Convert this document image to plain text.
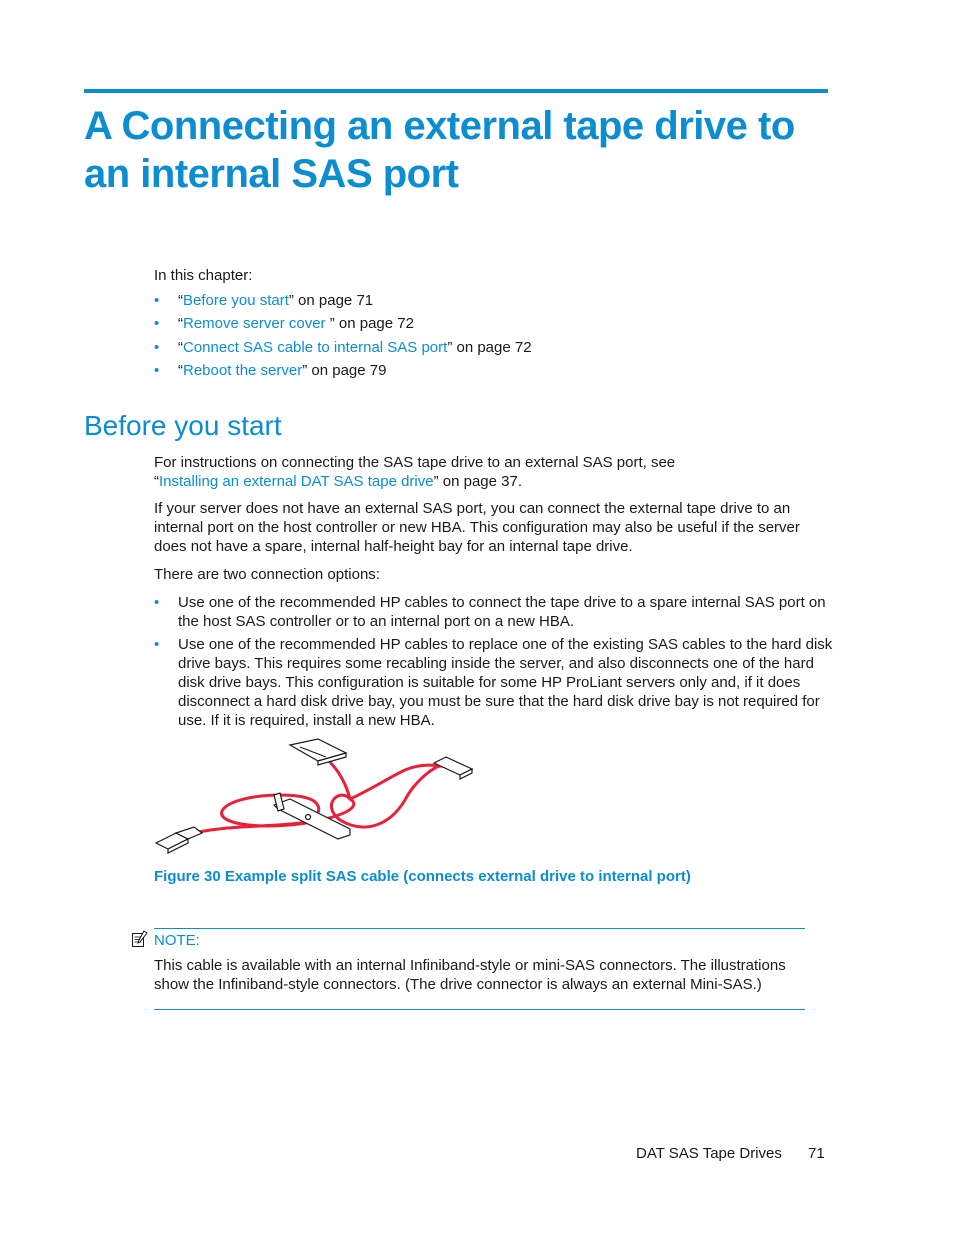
A Connecting an external tape drive to an internal SAS port
In this chapter:
• “Before you start” on page 71
• “Remove server cover ” on page 72
• “Connect SAS cable to internal SAS port” on page 72
• “Reboot the server” on page 79
Before you start

For instructions on connecting the SAS tape drive to an external SAS port, see
“Installing an external DAT SAS tape drive” on page 37.

If your server does not have an external SAS port, you can connect the external tape drive to an internal port on the host controller or new HBA. This configuration may also be useful if the server does not have a spare, internal half-height bay for an internal tape drive.

There are two connection options:

• Use one of the recommended HP cables to connect the tape drive to a spare internal SAS port on the host SAS controller or to an internal port on a new HBA.
• Use one of the recommended HP cables to replace one of the existing SAS cables to the hard disk drive bays. This requires some recabling inside the server, and also disconnects one of the hard disk drive bays. This configuration is suitable for some HP ProLiant servers only and, if it does disconnect a hard disk drive bay, you must be sure that the hard disk drive bay is not required for use. If it is required, install a new HBA.
Figure 30 Example split SAS cable (connects external drive to internal port)
NOTE:

This cable is available with an internal Infiniband-style or mini-SAS connectors. The illustrations show the Infiniband-style connectors. (The drive connector is always an external Mini-SAS.)

DAT SAS Tape Drives 71
